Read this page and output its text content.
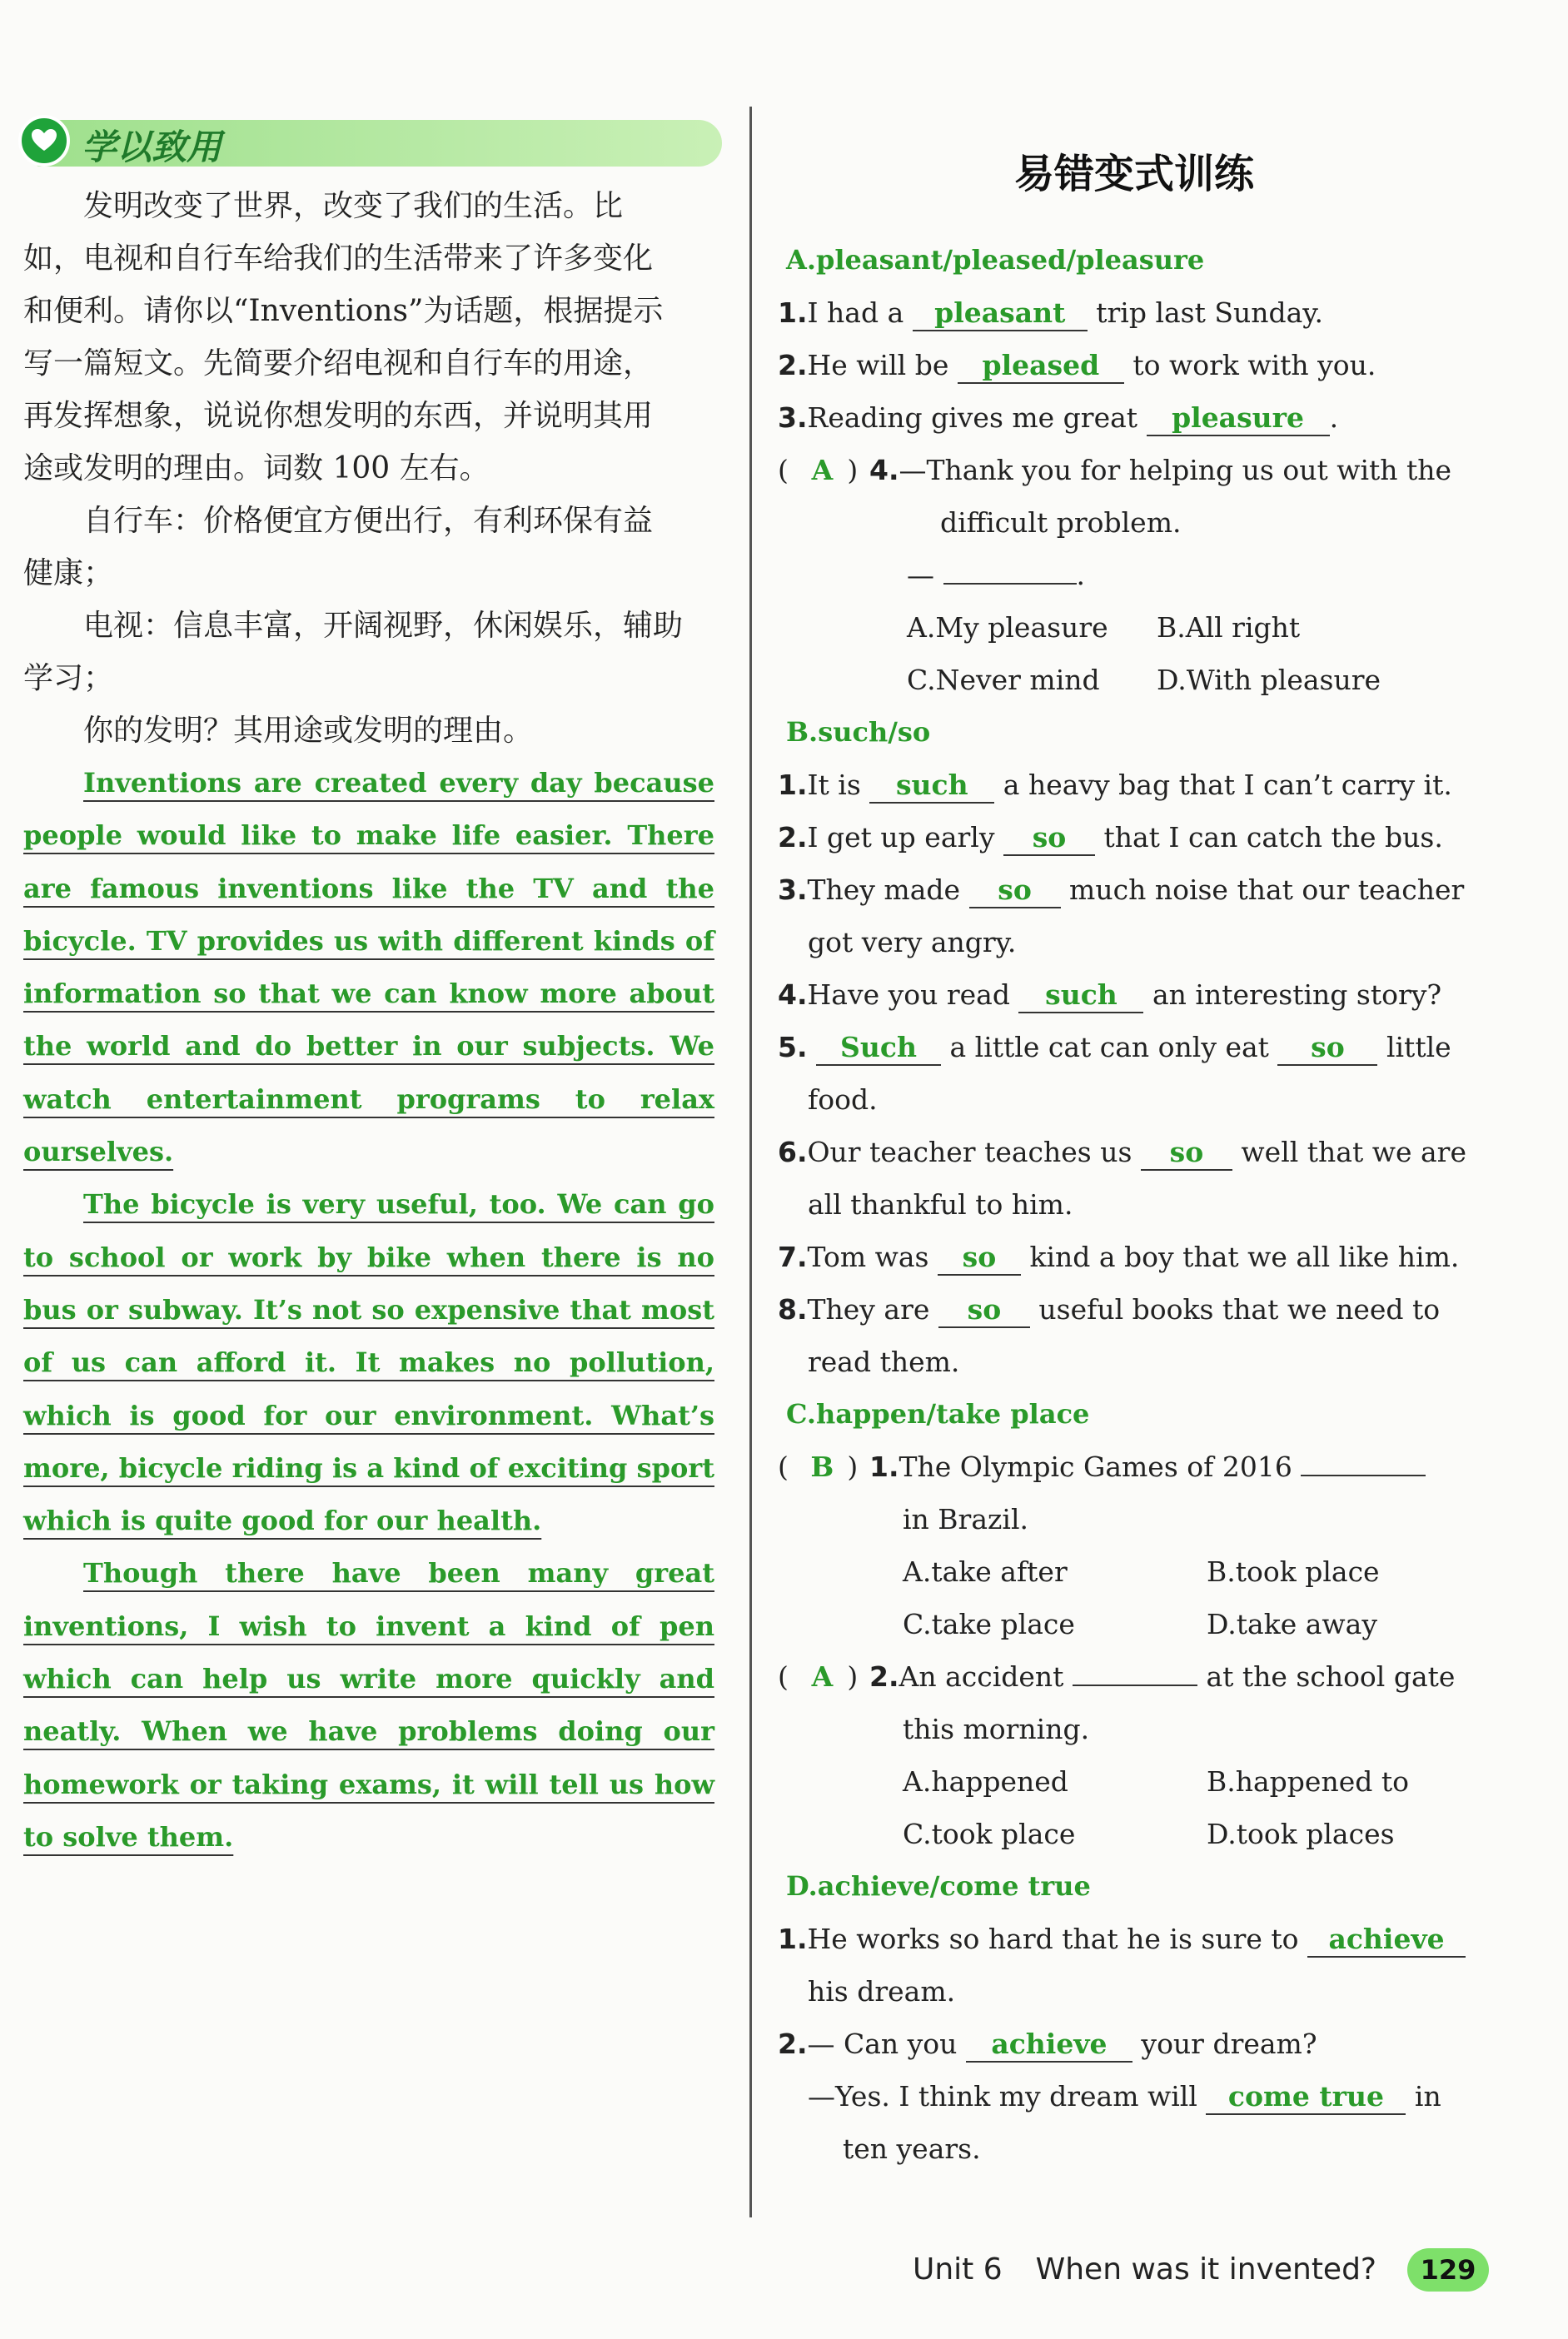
学以致用

发明改变了世界，改变了我们的生活。比

如，电视和自行车给我们的生活带来了许多变化

和便利。请你以“Inventions”为话题，根据提示

写一篇短文。先简要介绍电视和自行车的用途，

再发挥想象，说说你想发明的东西，并说明其用

途或发明的理由。词数 100 左右。

自行车：价格便宜方便出行，有利环保有益

健康；

电视：信息丰富，开阔视野，休闲娱乐，辅助

学习；

你的发明？其用途或发明的理由。

Inventions are created every day because people would like to make life easier. There are famous inventions like the TV and the bicycle. TV provides us with different kinds of information so that we can know more about the world and do better in our subjects. We watch entertainment programs to relax ourselves.

The bicycle is very useful, too. We can go to school or work by bike when there is no bus or subway. It’s not so expensive that most of us can afford it. It makes no pollution, which is good for our environment. What’s more, bicycle riding is a kind of exciting sport which is quite good for our health.

Though there have been many great inventions, I wish to invent a kind of pen which can help us write more quickly and neatly. When we have problems doing our homework or taking exams, it will tell us how to solve them.

易错变式训练
A.pleasant/pleased/pleasure

1.I had a pleasant trip last Sunday.

2.He will be pleased to work with you.

3.Reading gives me great pleasure .

( A ) 4.—Thank you for helping us out with the

difficult problem.

—	.

A.My pleasure	B.All right
C.Never mind	D.With pleasure
B.such/so

1.It is such a heavy bag that I can’t carry it.

2.I get up early so that I can catch the bus.

3.They made so much noise that our teacher

got very angry.

4.Have you read such an interesting story?

5. Such a little cat can only eat so little

food.

6.Our teacher teaches us so well that we are

all thankful to him.

7.Tom was so kind a boy that we all like him.

8.They are so useful books that we need to

read them.

C.happen/take place

( B ) 1.The Olympic Games of 2016

in Brazil.

A.take after	B.took place
C.take place	D.take away

( A ) 2.An accident	at the school gate

this morning.

A.happened	B.happened to
C.took place	D.took places
D.achieve/come true

1.He works so hard that he is sure to achieve

his dream.

2.— Can you achieve your dream?

—Yes. I think my dream will come true in

ten years.

Unit 6 When was it invented?	129
